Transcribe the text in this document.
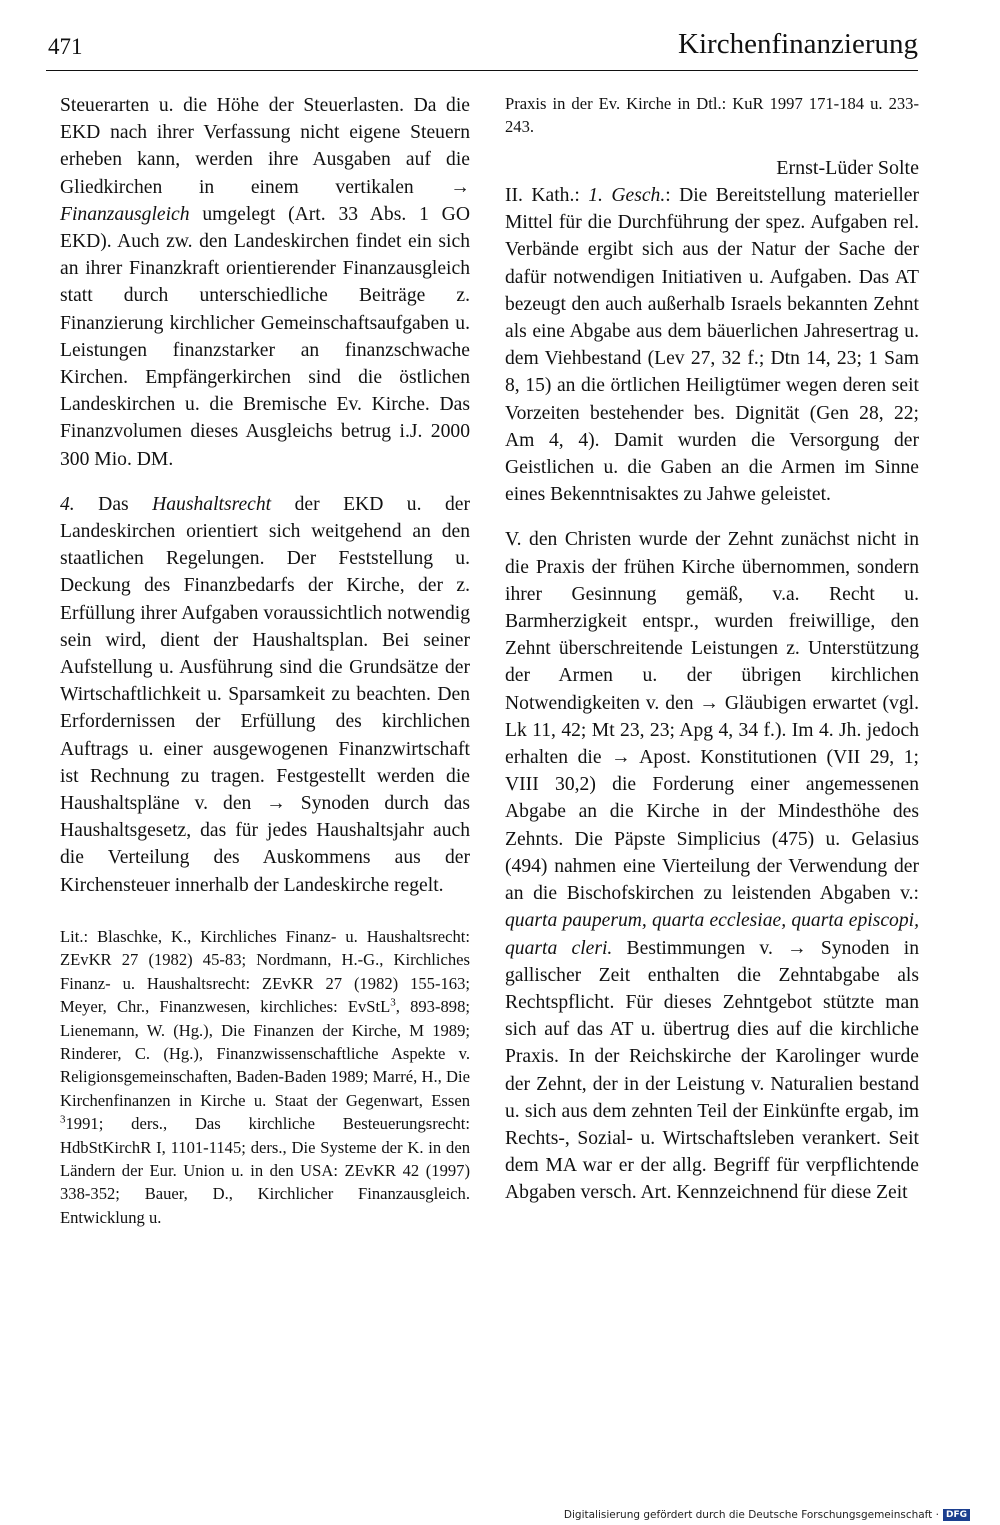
471	Kirchenfinanzierung

Steuerarten u. die Höhe der Steuerlasten. Da die EKD nach ihrer Verfassung nicht eigene Steuern erheben kann, werden ihre Ausgaben auf die Gliedkirchen in einem vertikalen → Finanzausgleich umgelegt (Art. 33 Abs. 1 GO EKD). Auch zw. den Landeskirchen findet ein sich an ihrer Finanzkraft orientierender Finanzausgleich statt durch unterschiedliche Beiträge z. Finanzierung kirchlicher Gemeinschaftsaufgaben u. Leistungen finanzstarker an finanzschwache Kirchen. Empfängerkirchen sind die östlichen Landeskirchen u. die Bremische Ev. Kirche. Das Finanzvolumen dieses Ausgleichs betrug i.J. 2000 300 Mio. DM.

4. Das Haushaltsrecht der EKD u. der Landeskirchen orientiert sich weitgehend an den staatlichen Regelungen. Der Feststellung u. Deckung des Finanzbedarfs der Kirche, der z. Erfüllung ihrer Aufgaben voraussichtlich notwendig sein wird, dient der Haushaltsplan. Bei seiner Aufstellung u. Ausführung sind die Grundsätze der Wirtschaftlichkeit u. Sparsamkeit zu beachten. Den Erfordernissen der Erfüllung des kirchlichen Auftrags u. einer ausgewogenen Finanzwirtschaft ist Rechnung zu tragen. Festgestellt werden die Haushaltspläne v. den → Synoden durch das Haushaltsgesetz, das für jedes Haushaltsjahr auch die Verteilung des Auskommens aus der Kirchensteuer innerhalb der Landeskirche regelt.

Lit.: Blaschke, K., Kirchliches Finanz- u. Haushaltsrecht: ZEvKR 27 (1982) 45-83; Nordmann, H.-G., Kirchliches Finanz- u. Haushaltsrecht: ZEvKR 27 (1982) 155-163; Meyer, Chr., Finanzwesen, kirchliches: EvStL$^3$, 893-898; Lienemann, W. (Hg.), Die Finanzen der Kirche, M 1989; Rinderer, C. (Hg.), Finanzwissenschaftliche Aspekte v. Religionsgemeinschaften, Baden-Baden 1989; Marré, H., Die Kirchenfinanzen in Kirche u. Staat der Gegenwart, Essen $^3$1991; ders., Das kirchliche Besteuerungsrecht: HdbStKirchR I, 1101-1145; ders., Die Systeme der K. in den Ländern der Eur. Union u. in den USA: ZEvKR 42 (1997) 338-352; Bauer, D., Kirchlicher Finanzausgleich. Entwicklung u.

Praxis in der Ev. Kirche in Dtl.: KuR 1997 171-184 u. 233- 243.

Ernst-Lüder Solte

II. Kath.: 1. Gesch.: Die Bereitstellung materieller Mittel für die Durchführung der spez. Aufgaben rel. Verbände ergibt sich aus der Natur der Sache der dafür notwendigen Initiativen u. Aufgaben. Das AT bezeugt den auch außerhalb Israels bekannten Zehnt als eine Abgabe aus dem bäuerlichen Jahresertrag u. dem Viehbestand (Lev 27, 32 f.; Dtn 14, 23; 1 Sam 8, 15) an die örtlichen Heiligtümer wegen deren seit Vorzeiten bestehender bes. Dignität (Gen 28, 22; Am 4, 4). Damit wurden die Versorgung der Geistlichen u. die Gaben an die Armen im Sinne eines Bekenntnisaktes zu Jahwe geleistet.

V. den Christen wurde der Zehnt zunächst nicht in die Praxis der frühen Kirche übernommen, sondern ihrer Gesinnung gemäß, v.a. Recht u. Barmherzigkeit entspr., wurden freiwillige, den Zehnt überschreitende Leistungen z. Unterstützung der Armen u. der übrigen kirchlichen Notwendigkeiten v. den → Gläubigen erwartet (vgl. Lk 11, 42; Mt 23, 23; Apg 4, 34 f.). Im 4. Jh. jedoch erhalten die → Apost. Konstitutionen (VII 29, 1; VIII 30,2) die Forderung einer angemessenen Abgabe an die Kirche in der Mindesthöhe des Zehnts. Die Päpste Simplicius (475) u. Gelasius (494) nahmen eine Vierteilung der Verwendung der an die Bischofskirchen zu leistenden Abgaben v.: quarta pauperum, quarta ecclesiae, quarta episcopi, quarta cleri. Bestimmungen v. → Synoden in gallischer Zeit enthalten die Zehntabgabe als Rechtspflicht. Für dieses Zehntgebot stützte man sich auf das AT u. übertrug dies auf die kirchliche Praxis. In der Reichskirche der Karolinger wurde der Zehnt, der in der Leistung v. Naturalien bestand u. sich aus dem zehnten Teil der Einkünfte ergab, im Rechts-, Sozial- u. Wirtschaftsleben verankert. Seit dem MA war er der allg. Begriff für verpflichtende Abgaben versch. Art. Kennzeichnend für diese Zeit

Digitalisierung gefördert durch die Deutsche Forschungsgemeinschaft · DFG
